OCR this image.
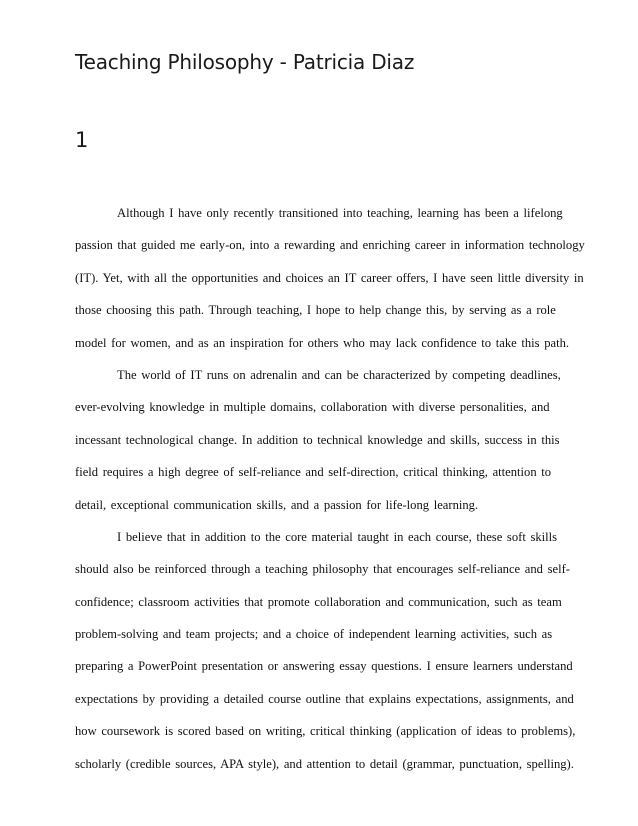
Teaching Philosophy - Patricia Diaz
1
Although I have only recently transitioned into teaching, learning has been a lifelong
passion that guided me early-on, into a rewarding and enriching career in information technology
(IT). Yet, with all the opportunities and choices an IT career offers, I have seen little diversity in
those choosing this path. Through teaching, I hope to help change this, by serving as a role
model for women, and as an inspiration for others who may lack confidence to take this path.
The world of IT runs on adrenalin and can be characterized by competing deadlines,
ever-evolving knowledge in multiple domains, collaboration with diverse personalities, and
incessant technological change. In addition to technical knowledge and skills, success in this
field requires a high degree of self-reliance and self-direction, critical thinking, attention to
detail, exceptional communication skills, and a passion for life-long learning.
I believe that in addition to the core material taught in each course, these soft skills
should also be reinforced through a teaching philosophy that encourages self-reliance and self-
confidence; classroom activities that promote collaboration and communication, such as team
problem-solving and team projects; and a choice of independent learning activities, such as
preparing a PowerPoint presentation or answering essay questions. I ensure learners understand
expectations by providing a detailed course outline that explains expectations, assignments, and
how coursework is scored based on writing, critical thinking (application of ideas to problems),
scholarly (credible sources, APA style), and attention to detail (grammar, punctuation, spelling).
